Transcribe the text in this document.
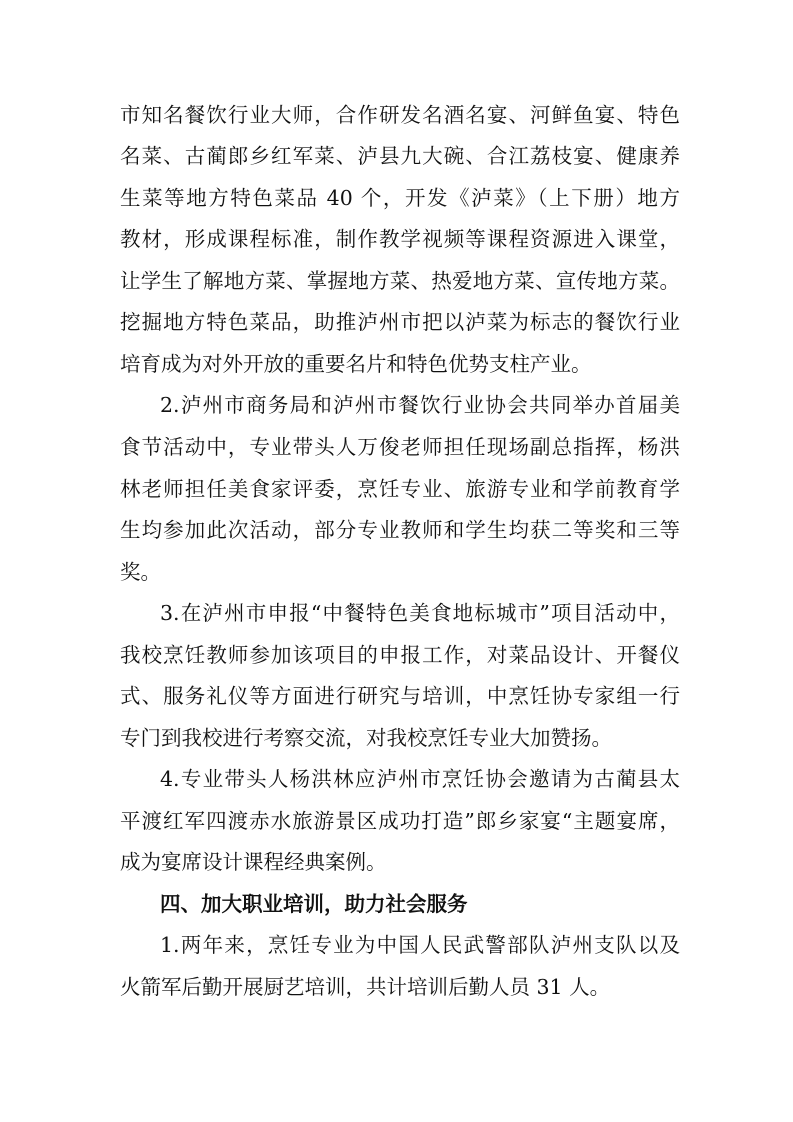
市知名餐饮行业大师，合作研发名酒名宴、河鲜鱼宴、特色
名菜、古蔺郎乡红军菜、泸县九大碗、合江荔枝宴、健康养
生菜等地方特色菜品 40 个，开发《泸菜》（上下册）地方
教材，形成课程标准，制作教学视频等课程资源进入课堂，
让学生了解地方菜、掌握地方菜、热爱地方菜、宣传地方菜。
挖掘地方特色菜品，助推泸州市把以泸菜为标志的餐饮行业
培育成为对外开放的重要名片和特色优势支柱产业。
2.泸州市商务局和泸州市餐饮行业协会共同举办首届美
食节活动中，专业带头人万俊老师担任现场副总指挥，杨洪
林老师担任美食家评委，烹饪专业、旅游专业和学前教育学
生均参加此次活动，部分专业教师和学生均获二等奖和三等
奖。
3.在泸州市申报“中餐特色美食地标城市”项目活动中，
我校烹饪教师参加该项目的申报工作，对菜品设计、开餐仪
式、服务礼仪等方面进行研究与培训，中烹饪协专家组一行
专门到我校进行考察交流，对我校烹饪专业大加赞扬。
4.专业带头人杨洪林应泸州市烹饪协会邀请为古蔺县太
平渡红军四渡赤水旅游景区成功打造”郎乡家宴“主题宴席，
成为宴席设计课程经典案例。
四、加大职业培训，助力社会服务
1.两年来，烹饪专业为中国人民武警部队泸州支队以及
火箭军后勤开展厨艺培训，共计培训后勤人员 31 人。
